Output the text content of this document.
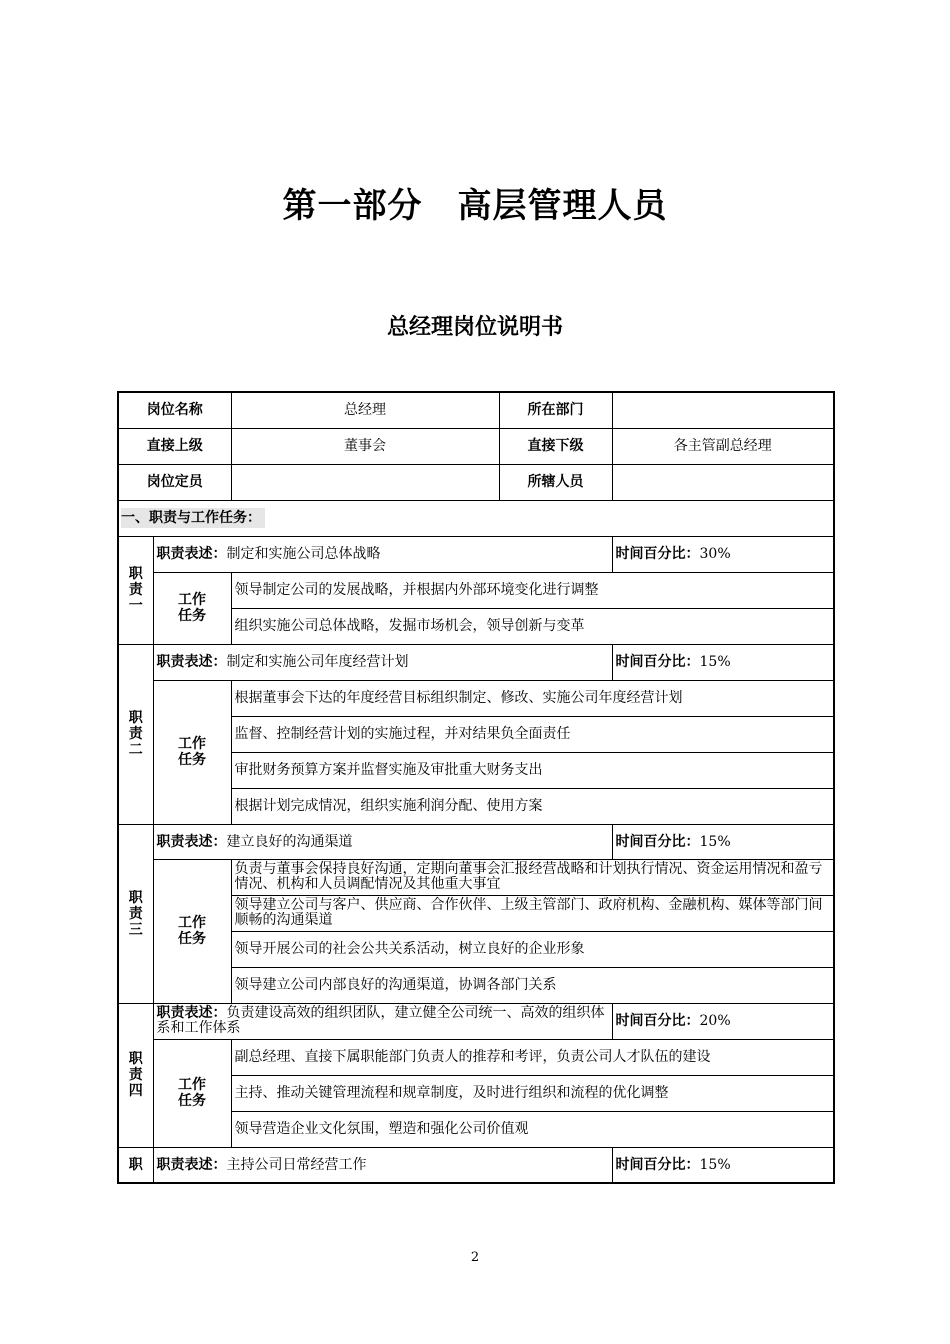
第一部分　高层管理人员
总经理岗位说明书
岗位名称		总经理	所在部门	
直接上级		董事会	直接下级	各主管副总经理
岗位定员			所辖人员	
一、职责与工作任务：				
职责一	职责表述：制定和实施公司总体战略			时间百分比：30%
	工作任务	领导制定公司的发展战略，并根据内外部环境变化进行调整		
		组织实施公司总体战略，发掘市场机会，领导创新与变革		
职责二	职责表述：制定和实施公司年度经营计划			时间百分比：15%
	工作任务	根据董事会下达的年度经营目标组织制定、修改、实施公司年度经营计划		
		监督、控制经营计划的实施过程，并对结果负全面责任		
		审批财务预算方案并监督实施及审批重大财务支出		
		根据计划完成情况，组织实施利润分配、使用方案		
职责三	职责表述：建立良好的沟通渠道			时间百分比：15%
	工作任务	负责与董事会保持良好沟通，定期向董事会汇报经营战略和计划执行情况、资金运用情况和盈亏情况、机构和人员调配情况及其他重大事宜		
		领导建立公司与客户、供应商、合作伙伴、上级主管部门、政府机构、金融机构、媒体等部门间顺畅的沟通渠道		
		领导开展公司的社会公共关系活动，树立良好的企业形象		
		领导建立公司内部良好的沟通渠道，协调各部门关系		
职责四	职责表述：负责建设高效的组织团队，建立健全公司统一、高效的组织体系和工作体系			时间百分比：20%
	工作任务	副总经理、直接下属职能部门负责人的推荐和考评，负责公司人才队伍的建设		
		主持、推动关键管理流程和规章制度，及时进行组织和流程的优化调整		
		领导营造企业文化氛围，塑造和强化公司价值观		
职	职责表述：主持公司日常经营工作			时间百分比：15%
2
